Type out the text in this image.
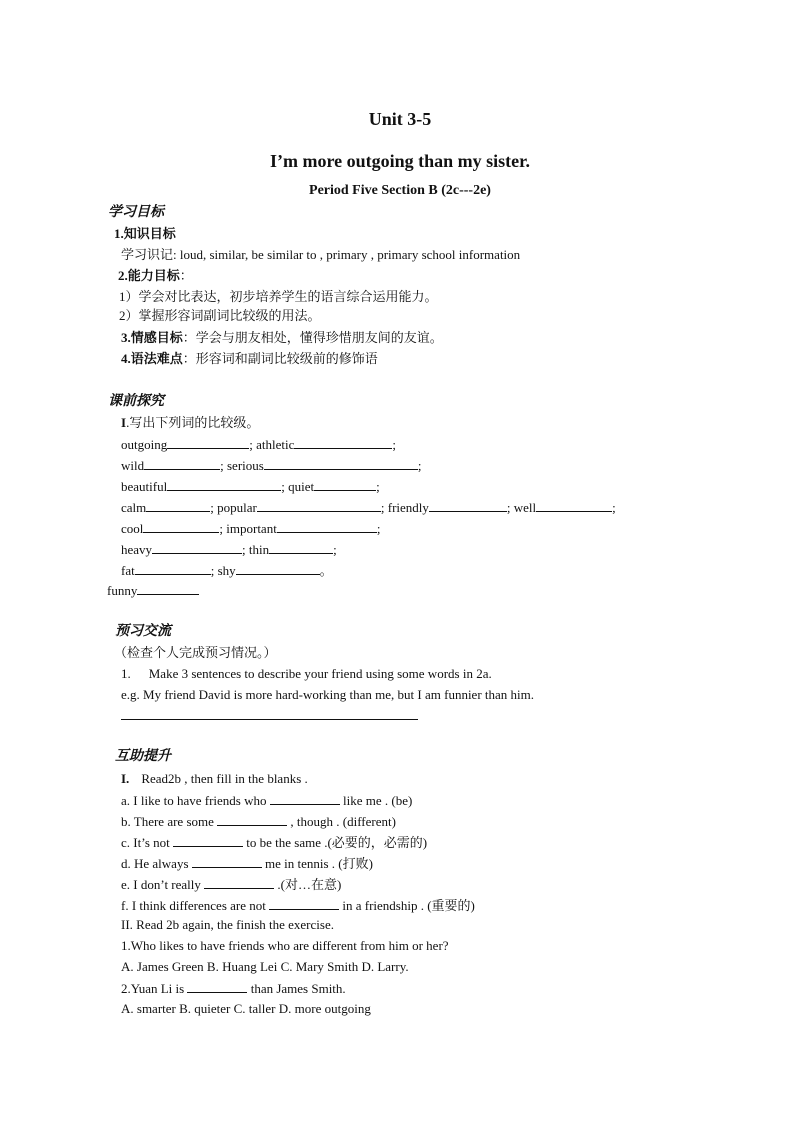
Unit 3-5
I’m more outgoing than my sister.
Period Five Section B (2c---2e)
学习目标
1.知识目标
学习识记: loud, similar, be similar to , primary , primary school information
2.能力目标：
1）学会对比表达，初步培养学生的语言综合运用能力。
2）掌握形容词副词比较级的用法。
3.情感目标：学会与朋友相处，懂得珍惜朋友间的友谊。
4.语法难点：形容词和副词比较级前的修饰语
课前探究
I.写出下列词的比较级。
outgoing	; athletic	;
wild	; serious	;
beautiful	; quiet	;
calm	; popular	; friendly	; well	;
cool	; important	;
heavy	; thin	;
fat	; shy	。
funny
预习交流
（检查个人完成预习情况。）
1. Make 3 sentences to describe your friend using some words in 2a.
e.g. My friend David is more hard-working than me, but I am funnier than him.
互助提升
I. Read2b , then fill in the blanks .
a. I like to have friends who	like me . (be)
b. There are some	, though . (different)
c. It’s not	to be the same .(必要的，必需的)
d. He always	me in tennis . (打败)
e. I don’t really	.(对…在意)
f. I think differences are not	in a friendship . (重要的)
II. Read 2b again, the finish the exercise.
1.Who likes to have friends who are different from him or her?
A. James Green B. Huang Lei C. Mary Smith D. Larry.
2.Yuan Li is	than James Smith.
A. smarter B. quieter C. taller D. more outgoing
